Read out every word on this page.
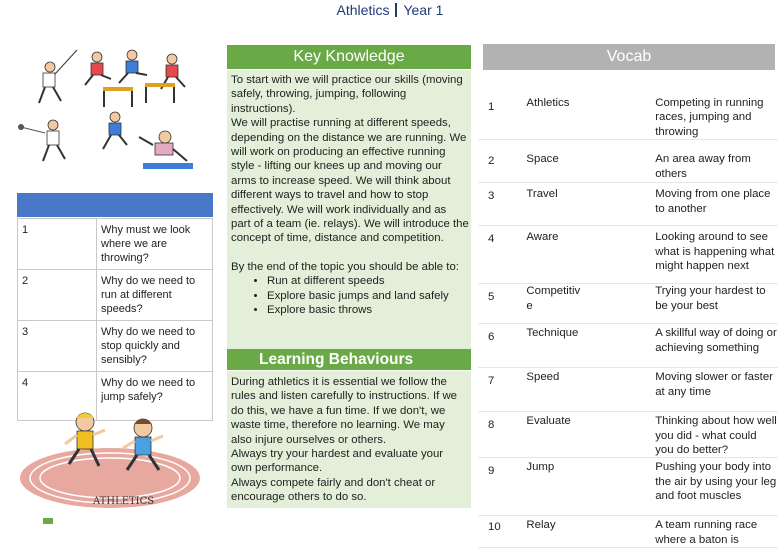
Athletics Year 1
1	Why must we look where we are throwing?
2	Why do we need to run at different speeds?
3	Why do we need to stop quickly and sensibly?
4	Why do we need to jump safely?
ATHLETICS
Key Knowledge

To start with we will practice our skills (moving safely, throwing, jumping, following instructions).

We will practise running at different speeds, depending on the distance we are running. We will work on producing an effective running style - lifting our knees up and moving our arms to increase speed. We will think about different ways to travel and how to stop effectively. We will work individually and as part of a team (ie. relays). We will introduce the concept of time, distance and competition.

By the end of the topic you should be able to:

• Run at different speeds
• Explore basic jumps and land safely
• Explore basic throws
Learning Behaviours
During athletics it is essential we follow the rules and listen carefully to instructions. If we do this, we have a fun time. If we don't, we waste time, therefore no learning. We may also injure ourselves or others.
Always try your hardest and evaluate your own performance.
Always compete fairly and don't cheat or encourage others to do so.
Vocab
1	Athletics	Competing in running races, jumping and throwing

2	Space	An area away from others

3	Travel	Moving from one place to another

4	Aware	Looking around to see what is happening what might happen next

5	Competitiv e	Trying your hardest to be your best

6	Technique	A skillful way of doing or achieving something

7	Speed	Moving slower or faster at any time

8	Evaluate	Thinking about how well you did - what could you do better?

9	Jump	Pushing your body into the air by using your leg and foot muscles

10	Relay	A team running race where a baton is
